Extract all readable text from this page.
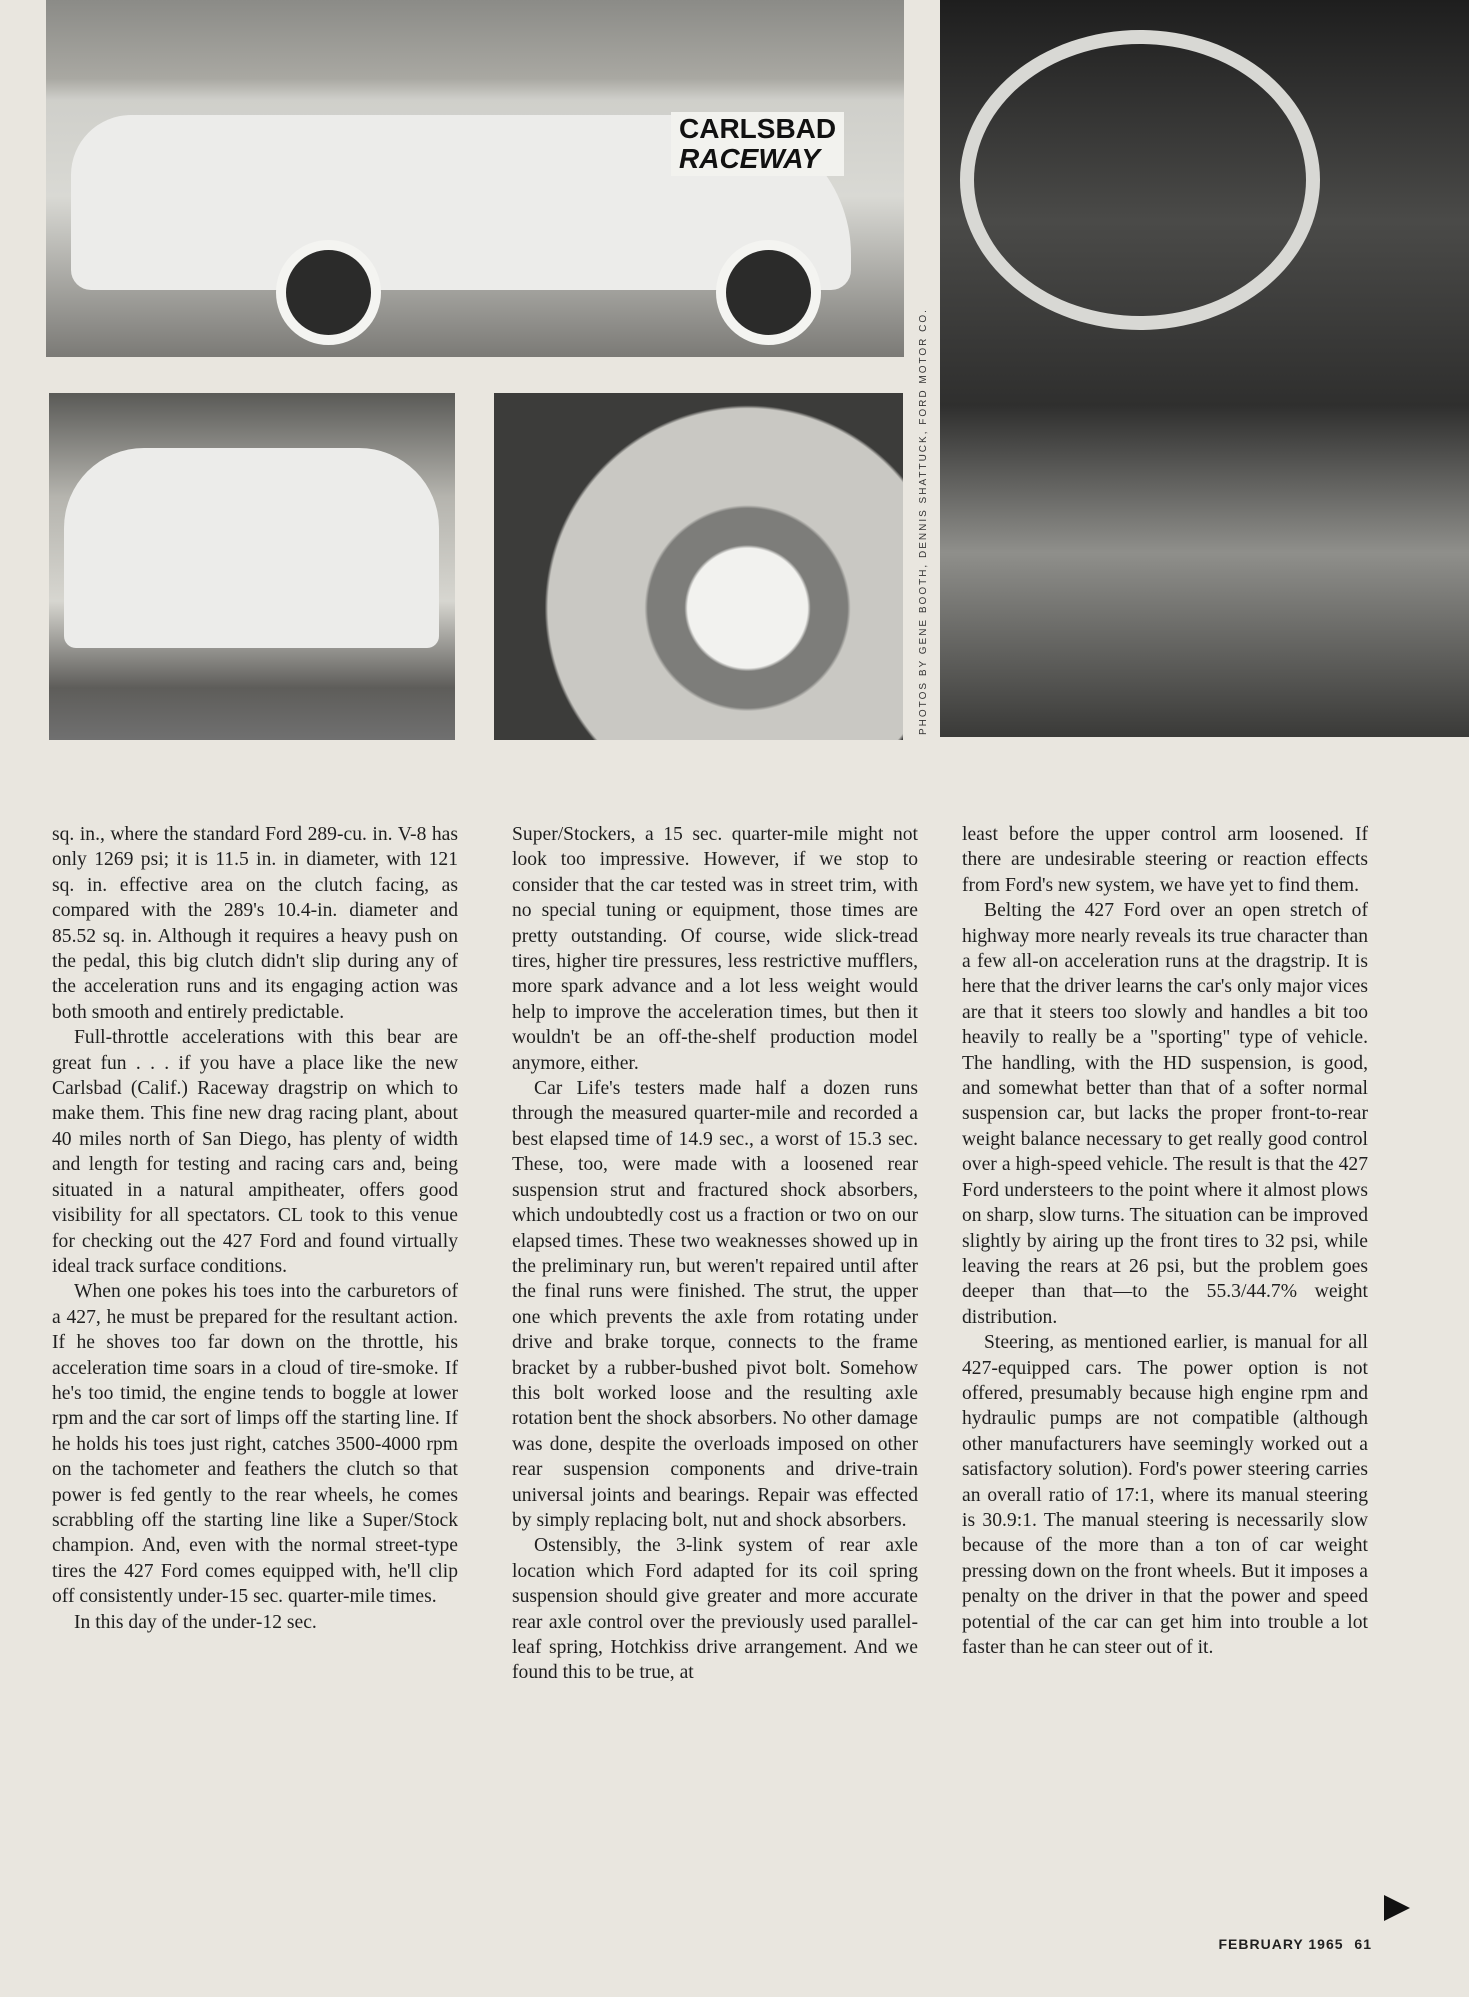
CARLSBAD
RACEWAY
PHOTOS BY GENE BOOTH, DENNIS SHATTUCK, FORD MOTOR CO.

sq. in., where the standard Ford 289-cu. in. V-8 has only 1269 psi; it is 11.5 in. in diameter, with 121 sq. in. effective area on the clutch facing, as compared with the 289's 10.4-in. diameter and 85.52 sq. in. Although it requires a heavy push on the pedal, this big clutch didn't slip during any of the acceleration runs and its engaging action was both smooth and entirely predictable.

Full-throttle accelerations with this bear are great fun . . . if you have a place like the new Carlsbad (Calif.) Raceway dragstrip on which to make them. This fine new drag racing plant, about 40 miles north of San Diego, has plenty of width and length for testing and racing cars and, being situated in a natural ampitheater, offers good visibility for all spectators. CL took to this venue for checking out the 427 Ford and found virtually ideal track surface conditions.

When one pokes his toes into the carburetors of a 427, he must be prepared for the resultant action. If he shoves too far down on the throttle, his acceleration time soars in a cloud of tire-smoke. If he's too timid, the engine tends to boggle at lower rpm and the car sort of limps off the starting line. If he holds his toes just right, catches 3500-4000 rpm on the tachometer and feathers the clutch so that power is fed gently to the rear wheels, he comes scrabbling off the starting line like a Super/Stock champion. And, even with the normal street-type tires the 427 Ford comes equipped with, he'll clip off consistently under-15 sec. quarter-mile times.

In this day of the under-12 sec.

Super/Stockers, a 15 sec. quarter-mile might not look too impressive. However, if we stop to consider that the car tested was in street trim, with no special tuning or equipment, those times are pretty outstanding. Of course, wide slick-tread tires, higher tire pressures, less restrictive mufflers, more spark advance and a lot less weight would help to improve the acceleration times, but then it wouldn't be an off-the-shelf production model anymore, either.

Car Life's testers made half a dozen runs through the measured quarter-mile and recorded a best elapsed time of 14.9 sec., a worst of 15.3 sec. These, too, were made with a loosened rear suspension strut and fractured shock absorbers, which undoubtedly cost us a fraction or two on our elapsed times. These two weaknesses showed up in the preliminary run, but weren't repaired until after the final runs were finished. The strut, the upper one which prevents the axle from rotating under drive and brake torque, connects to the frame bracket by a rubber-bushed pivot bolt. Somehow this bolt worked loose and the resulting axle rotation bent the shock absorbers. No other damage was done, despite the overloads imposed on other rear suspension components and drive-train universal joints and bearings. Repair was effected by simply replacing bolt, nut and shock absorbers.

Ostensibly, the 3-link system of rear axle location which Ford adapted for its coil spring suspension should give greater and more accurate rear axle control over the previously used parallel-leaf spring, Hotchkiss drive arrangement. And we found this to be true, at

least before the upper control arm loosened. If there are undesirable steering or reaction effects from Ford's new system, we have yet to find them.

Belting the 427 Ford over an open stretch of highway more nearly reveals its true character than a few all-on acceleration runs at the dragstrip. It is here that the driver learns the car's only major vices are that it steers too slowly and handles a bit too heavily to really be a "sporting" type of vehicle. The handling, with the HD suspension, is good, and somewhat better than that of a softer normal suspension car, but lacks the proper front-to-rear weight balance necessary to get really good control over a high-speed vehicle. The result is that the 427 Ford understeers to the point where it almost plows on sharp, slow turns. The situation can be improved slightly by airing up the front tires to 32 psi, while leaving the rears at 26 psi, but the problem goes deeper than that—to the 55.3/44.7% weight distribution.

Steering, as mentioned earlier, is manual for all 427-equipped cars. The power option is not offered, presumably because high engine rpm and hydraulic pumps are not compatible (although other manufacturers have seemingly worked out a satisfactory solution). Ford's power steering carries an overall ratio of 17:1, where its manual steering is 30.9:1. The manual steering is necessarily slow because of the more than a ton of car weight pressing down on the front wheels. But it imposes a penalty on the driver in that the power and speed potential of the car can get him into trouble a lot faster than he can steer out of it.

FEBRUARY 1965 61
